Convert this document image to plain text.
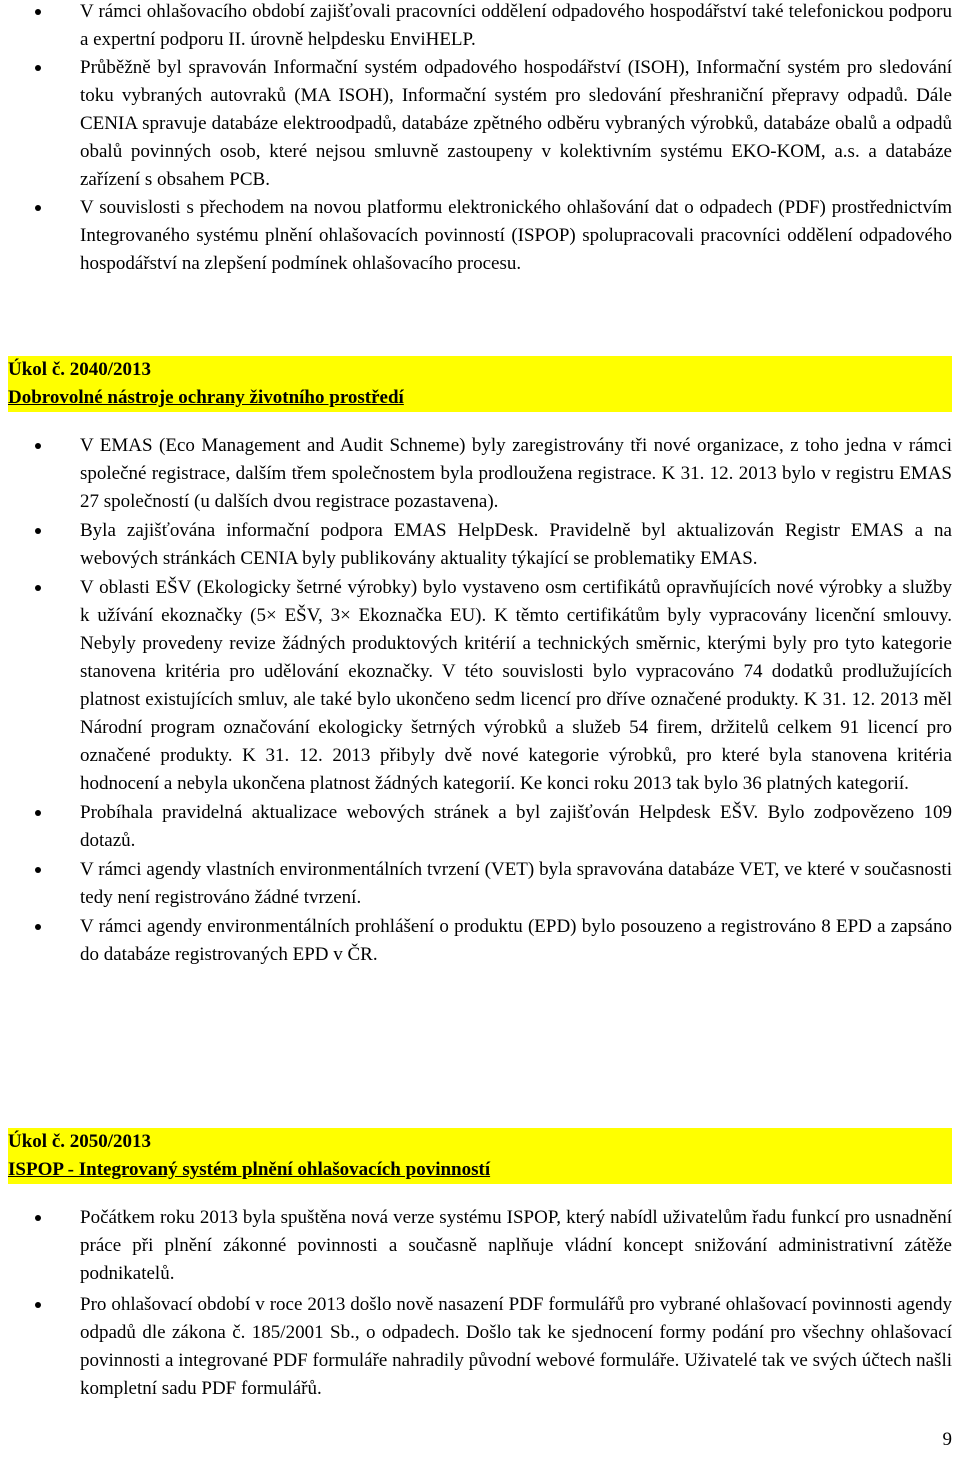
V rámci ohlašovacího období zajišťovali pracovníci oddělení odpadového hospodářství také telefonickou podporu a expertní podporu II. úrovně helpdesku EnviHELP.
Průběžně byl spravován Informační systém odpadového hospodářství (ISOH), Informační systém pro sledování toku vybraných autovraků (MA ISOH), Informační systém pro sledování přeshraniční přepravy odpadů. Dále CENIA spravuje databáze elektroodpadů, databáze zpětného odběru vybraných výrobků, databáze obalů a odpadů obalů povinných osob, které nejsou smluvně zastoupeny v kolektivním systému EKO-KOM, a.s. a databáze zařízení s obsahem PCB.
V souvislosti s přechodem na novou platformu elektronického ohlašování dat o odpadech (PDF) prostřednictvím Integrovaného systému plnění ohlašovacích povinností (ISPOP) spolupracovali pracovníci oddělení odpadového hospodářství na zlepšení podmínek ohlašovacího procesu.
Úkol č. 2040/2013
Dobrovolné nástroje ochrany životního prostředí
V EMAS (Eco Management and Audit Schneme) byly zaregistrovány tři nové organizace, z toho jedna v rámci společné registrace, dalším třem společnostem byla prodloužena registrace. K 31. 12. 2013 bylo v registru EMAS 27 společností (u dalších dvou registrace pozastavena).
Byla zajišťována informační podpora EMAS HelpDesk. Pravidelně byl aktualizován Registr EMAS a na webových stránkách CENIA byly publikovány aktuality týkající se problematiky EMAS.
V oblasti EŠV (Ekologicky šetrné výrobky) bylo vystaveno osm certifikátů opravňujících nové výrobky a služby k užívání ekoznačky (5× EŠV, 3× Ekoznačka EU). K těmto certifikátům byly vypracovány licenční smlouvy. Nebyly provedeny revize žádných produktových kritérií a technických směrnic, kterými byly pro tyto kategorie stanovena kritéria pro udělování ekoznačky. V této souvislosti bylo vypracováno 74 dodatků prodlužujících platnost existujících smluv, ale také bylo ukončeno sedm licencí pro dříve označené produkty. K 31. 12. 2013 měl Národní program označování ekologicky šetrných výrobků a služeb 54 firem, držitelů celkem 91 licencí pro označené produkty. K 31. 12. 2013 přibyly dvě nové kategorie výrobků, pro které byla stanovena kritéria hodnocení a nebyla ukončena platnost žádných kategorií. Ke konci roku 2013 tak bylo 36 platných kategorií.
Probíhala pravidelná aktualizace webových stránek a byl zajišťován Helpdesk EŠV. Bylo zodpovězeno 109 dotazů.
V rámci agendy vlastních environmentálních tvrzení (VET) byla spravována databáze VET, ve které v současnosti tedy není registrováno žádné tvrzení.
V rámci agendy environmentálních prohlášení o produktu (EPD) bylo posouzeno a registrováno 8 EPD a zapsáno do databáze registrovaných EPD v ČR.
Úkol č. 2050/2013
ISPOP - Integrovaný systém plnění ohlašovacích povinností
Počátkem roku 2013 byla spuštěna nová verze systému ISPOP, který nabídl uživatelům řadu funkcí pro usnadnění práce při plnění zákonné povinnosti a současně naplňuje vládní koncept snižování administrativní zátěže podnikatelů.
Pro ohlašovací období v roce 2013 došlo nově nasazení PDF formulářů pro vybrané ohlašovací povinnosti agendy odpadů dle zákona č. 185/2001 Sb., o odpadech. Došlo tak ke sjednocení formy podání pro všechny ohlašovací povinnosti a integrované PDF formuláře nahradily původní webové formuláře. Uživatelé tak ve svých účtech našli kompletní sadu PDF formulářů.
9
